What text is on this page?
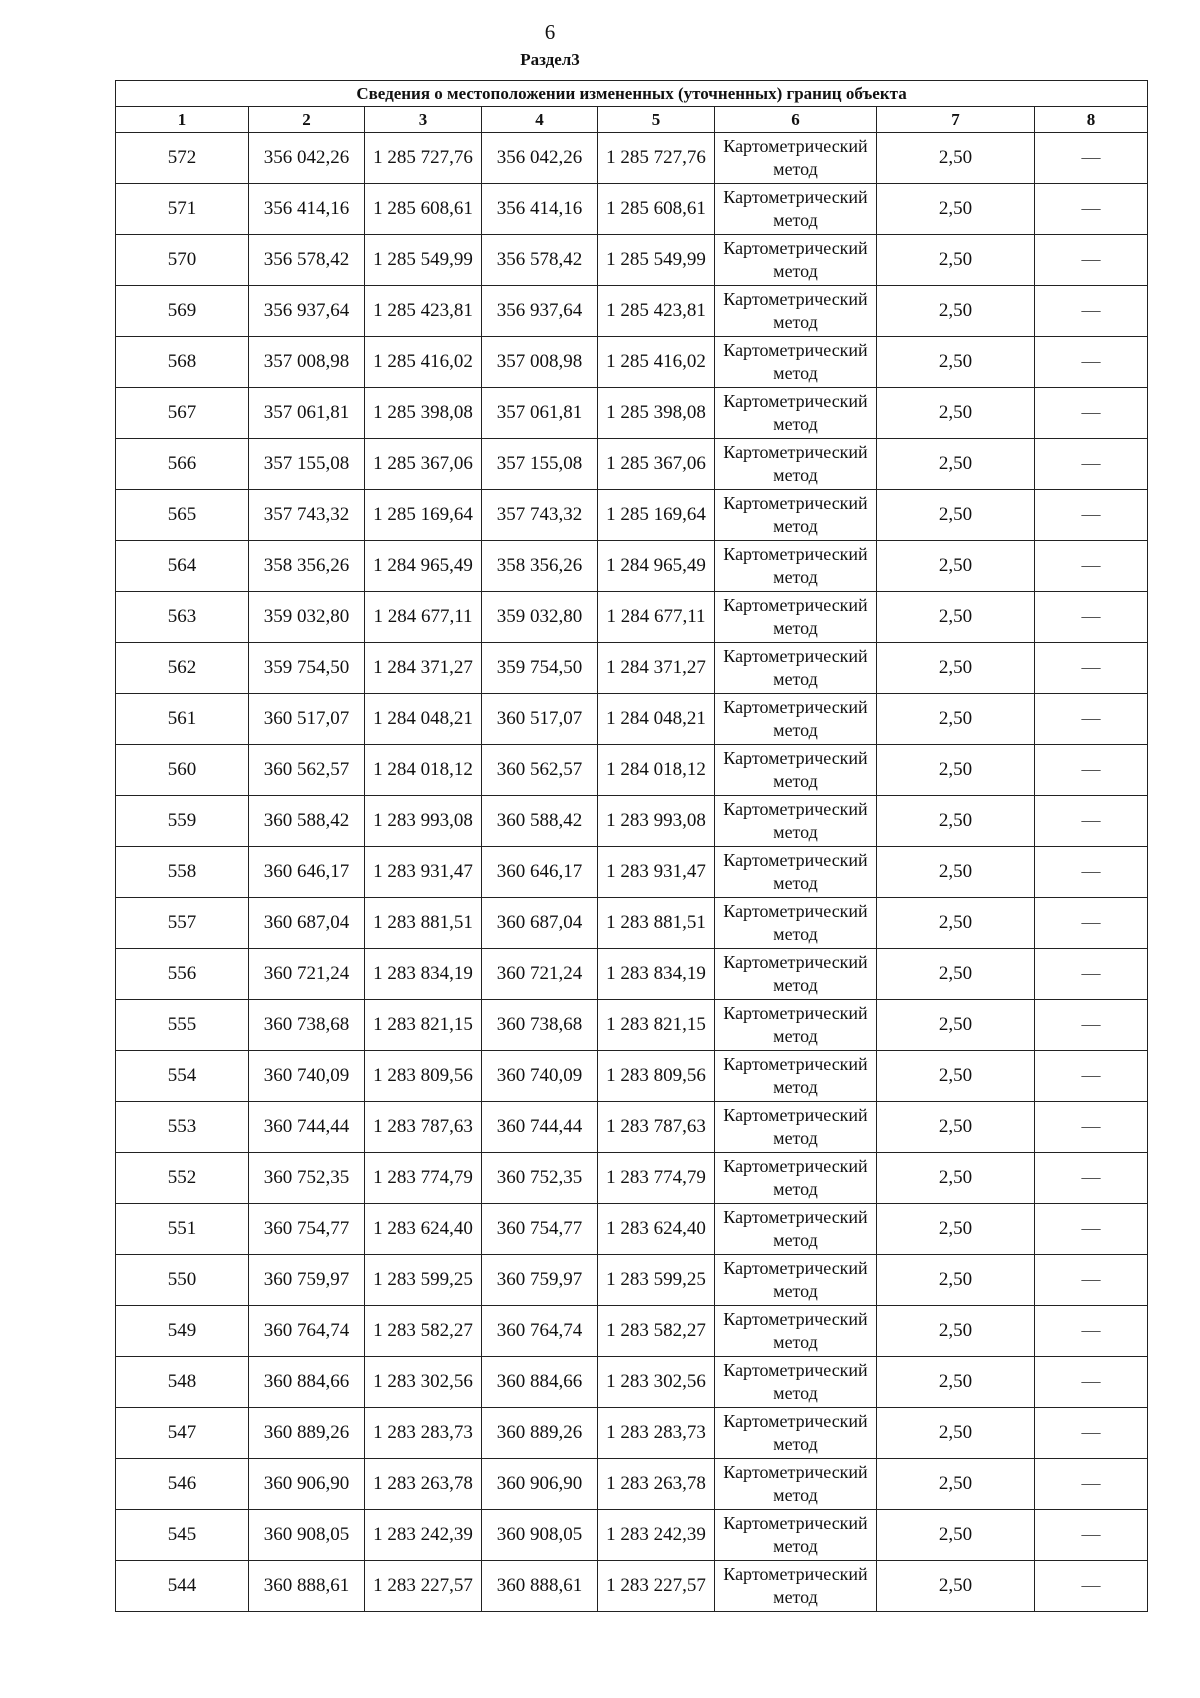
6
Раздел3
Сведения о местоположении измененных (уточненных) границ объекта							
1	2	3	4	5	6	7	8
572	356 042,26	1 285 727,76	356 042,26	1 285 727,76	Картометрический метод	2,50	—
571	356 414,16	1 285 608,61	356 414,16	1 285 608,61	Картометрический метод	2,50	—
570	356 578,42	1 285 549,99	356 578,42	1 285 549,99	Картометрический метод	2,50	—
569	356 937,64	1 285 423,81	356 937,64	1 285 423,81	Картометрический метод	2,50	—
568	357 008,98	1 285 416,02	357 008,98	1 285 416,02	Картометрический метод	2,50	—
567	357 061,81	1 285 398,08	357 061,81	1 285 398,08	Картометрический метод	2,50	—
566	357 155,08	1 285 367,06	357 155,08	1 285 367,06	Картометрический метод	2,50	—
565	357 743,32	1 285 169,64	357 743,32	1 285 169,64	Картометрический метод	2,50	—
564	358 356,26	1 284 965,49	358 356,26	1 284 965,49	Картометрический метод	2,50	—
563	359 032,80	1 284 677,11	359 032,80	1 284 677,11	Картометрический метод	2,50	—
562	359 754,50	1 284 371,27	359 754,50	1 284 371,27	Картометрический метод	2,50	—
561	360 517,07	1 284 048,21	360 517,07	1 284 048,21	Картометрический метод	2,50	—
560	360 562,57	1 284 018,12	360 562,57	1 284 018,12	Картометрический метод	2,50	—
559	360 588,42	1 283 993,08	360 588,42	1 283 993,08	Картометрический метод	2,50	—
558	360 646,17	1 283 931,47	360 646,17	1 283 931,47	Картометрический метод	2,50	—
557	360 687,04	1 283 881,51	360 687,04	1 283 881,51	Картометрический метод	2,50	—
556	360 721,24	1 283 834,19	360 721,24	1 283 834,19	Картометрический метод	2,50	—
555	360 738,68	1 283 821,15	360 738,68	1 283 821,15	Картометрический метод	2,50	—
554	360 740,09	1 283 809,56	360 740,09	1 283 809,56	Картометрический метод	2,50	—
553	360 744,44	1 283 787,63	360 744,44	1 283 787,63	Картометрический метод	2,50	—
552	360 752,35	1 283 774,79	360 752,35	1 283 774,79	Картометрический метод	2,50	—
551	360 754,77	1 283 624,40	360 754,77	1 283 624,40	Картометрический метод	2,50	—
550	360 759,97	1 283 599,25	360 759,97	1 283 599,25	Картометрический метод	2,50	—
549	360 764,74	1 283 582,27	360 764,74	1 283 582,27	Картометрический метод	2,50	—
548	360 884,66	1 283 302,56	360 884,66	1 283 302,56	Картометрический метод	2,50	—
547	360 889,26	1 283 283,73	360 889,26	1 283 283,73	Картометрический метод	2,50	—
546	360 906,90	1 283 263,78	360 906,90	1 283 263,78	Картометрический метод	2,50	—
545	360 908,05	1 283 242,39	360 908,05	1 283 242,39	Картометрический метод	2,50	—
544	360 888,61	1 283 227,57	360 888,61	1 283 227,57	Картометрический метод	2,50	—
